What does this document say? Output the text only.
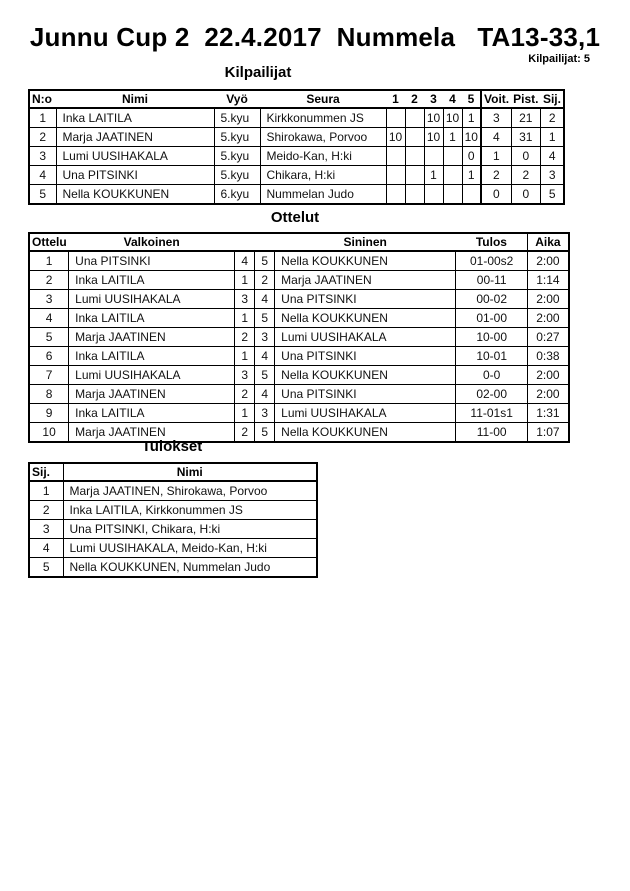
Junnu Cup 2  22.4.2017  Nummela   TA13-33,1
Kilpailijat: 5
Kilpailijat
N:o	Nimi	Vyö	Seura	1	2	3	4	5	Voit.	Pist.	Sij.
1	Inka LAITILA	5.kyu	Kirkkonummen JS			10	10	1	3	21	2
2	Marja JAATINEN	5.kyu	Shirokawa, Porvoo	10		10	1	10	4	31	1
3	Lumi UUSIHAKALA	5.kyu	Meido-Kan, H:ki					0	1	0	4
4	Una PITSINKI	5.kyu	Chikara, H:ki			1		1	2	2	3
5	Nella KOUKKUNEN	6.kyu	Nummelan Judo						0	0	5
Ottelut
Ottelu	Valkoinen			Sininen	Tulos	Aika
1	Una PITSINKI	4	5	Nella KOUKKUNEN	01-00s2	2:00
2	Inka LAITILA	1	2	Marja JAATINEN	00-11	1:14
3	Lumi UUSIHAKALA	3	4	Una PITSINKI	00-02	2:00
4	Inka LAITILA	1	5	Nella KOUKKUNEN	01-00	2:00
5	Marja JAATINEN	2	3	Lumi UUSIHAKALA	10-00	0:27
6	Inka LAITILA	1	4	Una PITSINKI	10-01	0:38
7	Lumi UUSIHAKALA	3	5	Nella KOUKKUNEN	0-0	2:00
8	Marja JAATINEN	2	4	Una PITSINKI	02-00	2:00
9	Inka LAITILA	1	3	Lumi UUSIHAKALA	11-01s1	1:31
10	Marja JAATINEN	2	5	Nella KOUKKUNEN	11-00	1:07
Tulokset
Sij.	Nimi
1	Marja JAATINEN, Shirokawa, Porvoo
2	Inka LAITILA, Kirkkonummen JS
3	Una PITSINKI, Chikara, H:ki
4	Lumi UUSIHAKALA, Meido-Kan, H:ki
5	Nella KOUKKUNEN, Nummelan Judo
